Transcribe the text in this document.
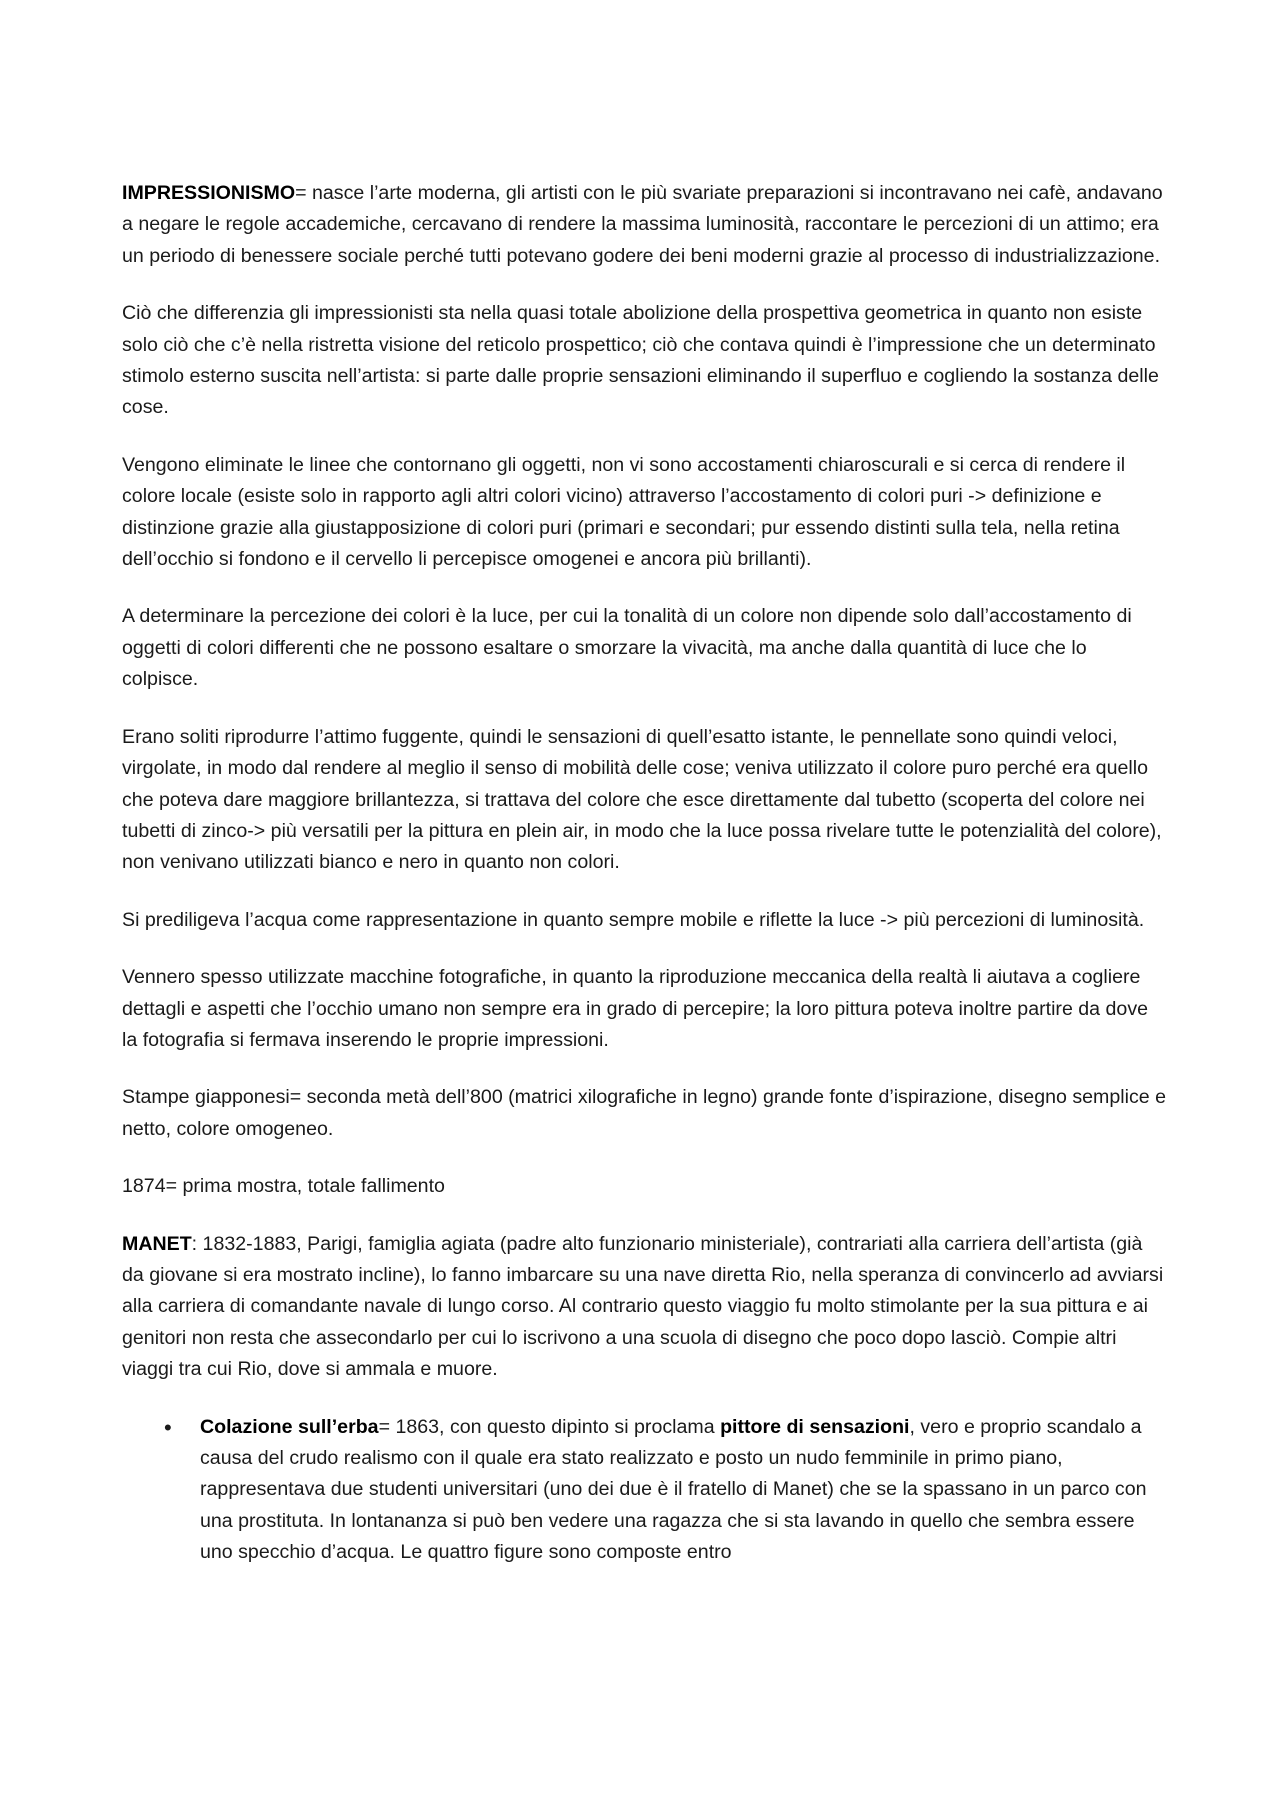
IMPRESSIONISMO= nasce l’arte moderna, gli artisti con le più svariate preparazioni si incontravano nei cafè, andavano a negare le regole accademiche, cercavano di rendere la massima luminosità, raccontare le percezioni di un attimo; era un periodo di benessere sociale perché tutti potevano godere dei beni moderni grazie al processo di industrializzazione.

Ciò che differenzia gli impressionisti sta nella quasi totale abolizione della prospettiva geometrica in quanto non esiste solo ciò che c’è nella ristretta visione del reticolo prospettico; ciò che contava quindi è l’impressione che un determinato stimolo esterno suscita nell’artista: si parte dalle proprie sensazioni eliminando il superfluo e cogliendo la sostanza delle cose.

Vengono eliminate le linee che contornano gli oggetti, non vi sono accostamenti chiaroscurali e si cerca di rendere il colore locale (esiste solo in rapporto agli altri colori vicino) attraverso l’accostamento di colori puri -> definizione e distinzione grazie alla giustapposizione di colori puri (primari e secondari; pur essendo distinti sulla tela, nella retina dell’occhio si fondono e il cervello li percepisce omogenei e ancora più brillanti).

A determinare la percezione dei colori è la luce, per cui la tonalità di un colore non dipende solo dall’accostamento di oggetti di colori differenti che ne possono esaltare o smorzare la vivacità, ma anche dalla quantità di luce che lo colpisce.

Erano soliti riprodurre l’attimo fuggente, quindi le sensazioni di quell’esatto istante, le pennellate sono quindi veloci, virgolate, in modo dal rendere al meglio il senso di mobilità delle cose; veniva utilizzato il colore puro perché era quello che poteva dare maggiore brillantezza, si trattava del colore che esce direttamente dal tubetto (scoperta del colore nei tubetti di zinco-> più versatili per la pittura en plein air, in modo che la luce possa rivelare tutte le potenzialità del colore), non venivano utilizzati bianco e nero in quanto non colori.

Si prediligeva l’acqua come rappresentazione in quanto sempre mobile e riflette la luce -> più percezioni di luminosità.

Vennero spesso utilizzate macchine fotografiche, in quanto la riproduzione meccanica della realtà li aiutava a cogliere dettagli e aspetti che l’occhio umano non sempre era in grado di percepire; la loro pittura poteva inoltre partire da dove la fotografia si fermava inserendo le proprie impressioni.

Stampe giapponesi= seconda metà dell’800 (matrici xilografiche in legno) grande fonte d’ispirazione, disegno semplice e netto, colore omogeneo.

1874= prima mostra, totale fallimento

MANET: 1832-1883, Parigi, famiglia agiata (padre alto funzionario ministeriale), contrariati alla carriera dell’artista (già da giovane si era mostrato incline), lo fanno imbarcare su una nave diretta Rio, nella speranza di convincerlo ad avviarsi alla carriera di comandante navale di lungo corso. Al contrario questo viaggio fu molto stimolante per la sua pittura e ai genitori non resta che assecondarlo per cui lo iscrivono a una scuola di disegno che poco dopo lasciò. Compie altri viaggi tra cui Rio, dove si ammala e muore.

• Colazione sull’erba= 1863, con questo dipinto si proclama pittore di sensazioni, vero e proprio scandalo a causa del crudo realismo con il quale era stato realizzato e posto un nudo femminile in primo piano, rappresentava due studenti universitari (uno dei due è il fratello di Manet) che se la spassano in un parco con una prostituta. In lontananza si può ben vedere una ragazza che si sta lavando in quello che sembra essere uno specchio d’acqua. Le quattro figure sono composte entro
